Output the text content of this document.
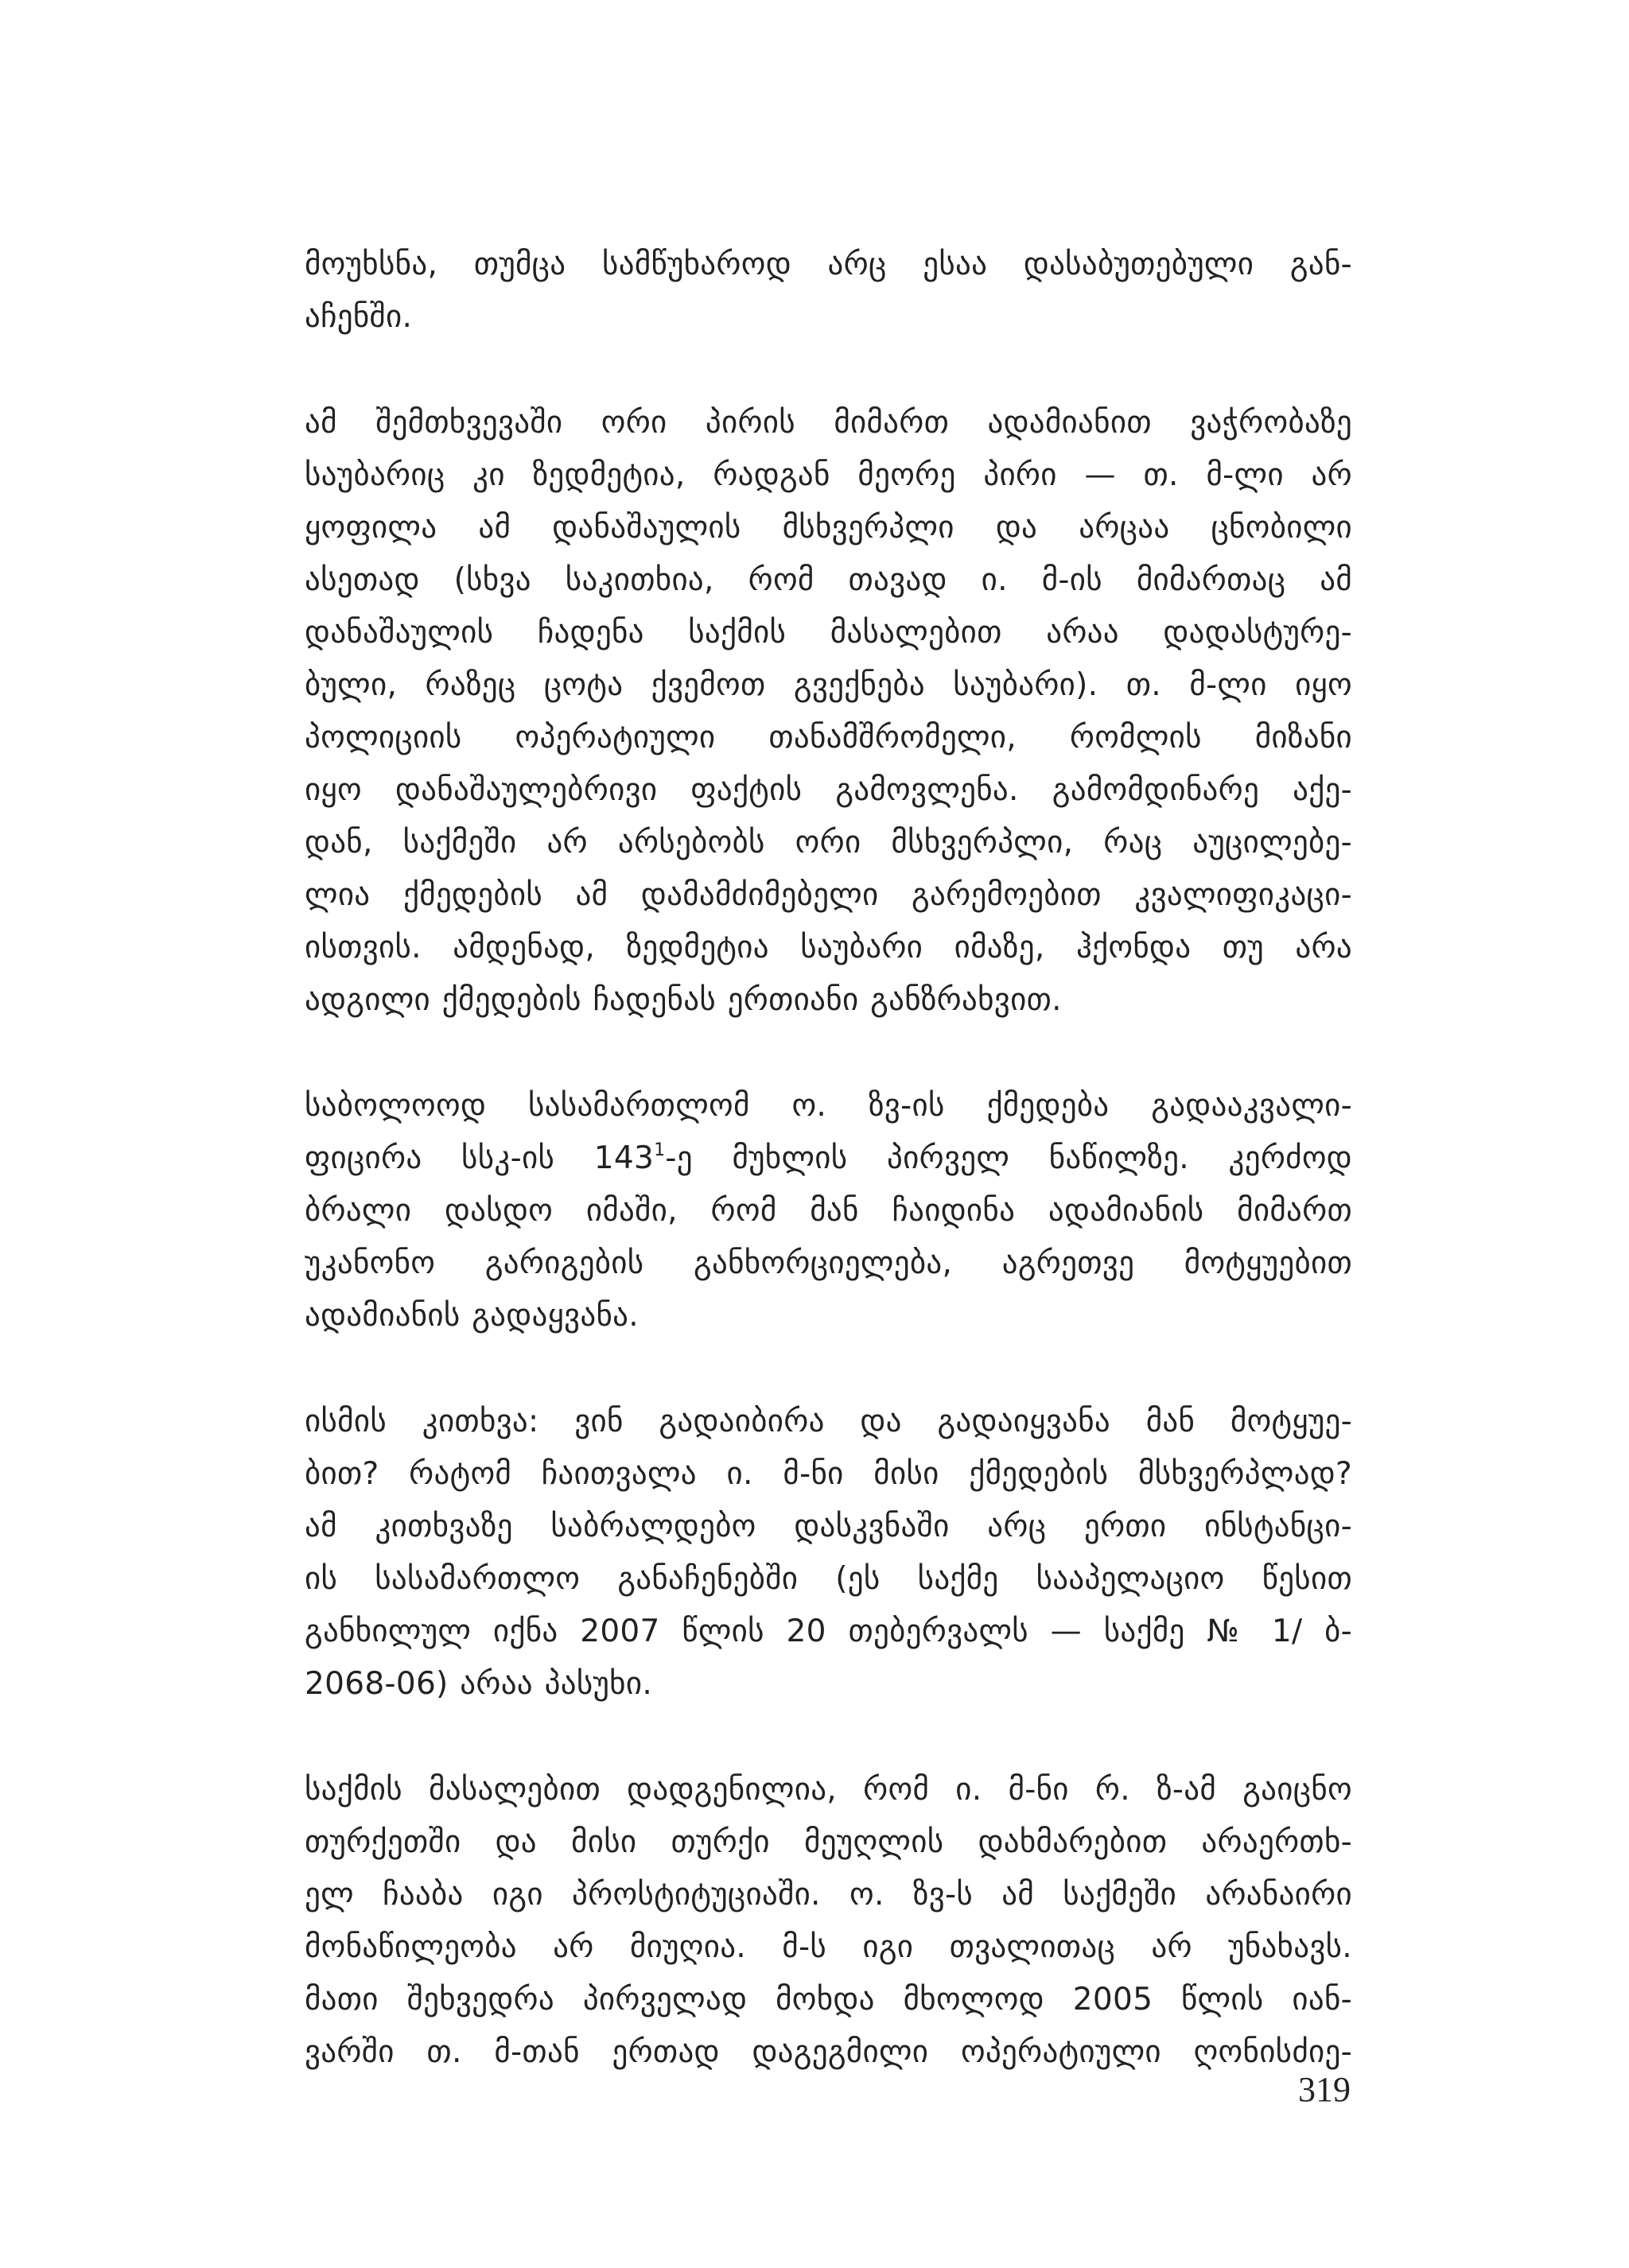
მოუხსნა, თუმცა სამწუხაროდ არც ესაა დასაბუთებული გან-
აჩენში.
ამ შემთხვევაში ორი პირის მიმართ ადამიანით ვაჭრობაზე
საუბარიც კი ზედმეტია, რადგან მეორე პირი — თ. მ-ლი არ
ყოფილა ამ დანაშაულის მსხვერპლი და არცაა ცნობილი
ასეთად (სხვა საკითხია, რომ თავად ი. მ-ის მიმართაც ამ
დანაშაულის ჩადენა საქმის მასალებით არაა დადასტურე-
ბული, რაზეც ცოტა ქვემოთ გვექნება საუბარი). თ. მ-ლი იყო
პოლიციის ოპერატიული თანამშრომელი, რომლის მიზანი
იყო დანაშაულებრივი ფაქტის გამოვლენა. გამომდინარე აქე-
დან, საქმეში არ არსებობს ორი მსხვერპლი, რაც აუცილებე-
ლია ქმედების ამ დამამძიმებელი გარემოებით კვალიფიკაცი-
ისთვის. ამდენად, ზედმეტია საუბარი იმაზე, ჰქონდა თუ არა
ადგილი ქმედების ჩადენას ერთიანი განზრახვით.
საბოლოოდ სასამართლომ ო. ზვ-ის ქმედება გადააკვალი-
ფიცირა სსკ-ის $143^1-ე$ მუხლის პირველ ნაწილზე. კერძოდ
ბრალი დასდო იმაში, რომ მან ჩაიდინა ადამიანის მიმართ
უკანონო გარიგების განხორციელება, აგრეთვე მოტყუებით
ადამიანის გადაყვანა.
ისმის კითხვა: ვინ გადაიბირა და გადაიყვანა მან მოტყუე-
ბით? რატომ ჩაითვალა ი. მ-ნი მისი ქმედების მსხვერპლად?
ამ კითხვაზე საბრალდებო დასკვნაში არც ერთი ინსტანცი-
ის სასამართლო განაჩენებში (ეს საქმე სააპელაციო წესით
განხილულ იქნა 2007 წლის 20 თებერვალს — საქმე № 1/ ბ-
2068-06) არაა პასუხი.
საქმის მასალებით დადგენილია, რომ ი. მ-ნი რ. ზ-ამ გაიცნო
თურქეთში და მისი თურქი მეუღლის დახმარებით არაერთხ-
ელ ჩააბა იგი პროსტიტუციაში. ო. ზვ-ს ამ საქმეში არანაირი
მონაწილეობა არ მიუღია. მ-ს იგი თვალითაც არ უნახავს.
მათი შეხვედრა პირველად მოხდა მხოლოდ 2005 წლის იან-
ვარში თ. მ-თან ერთად დაგეგმილი ოპერატიული ღონისძიე-
319
